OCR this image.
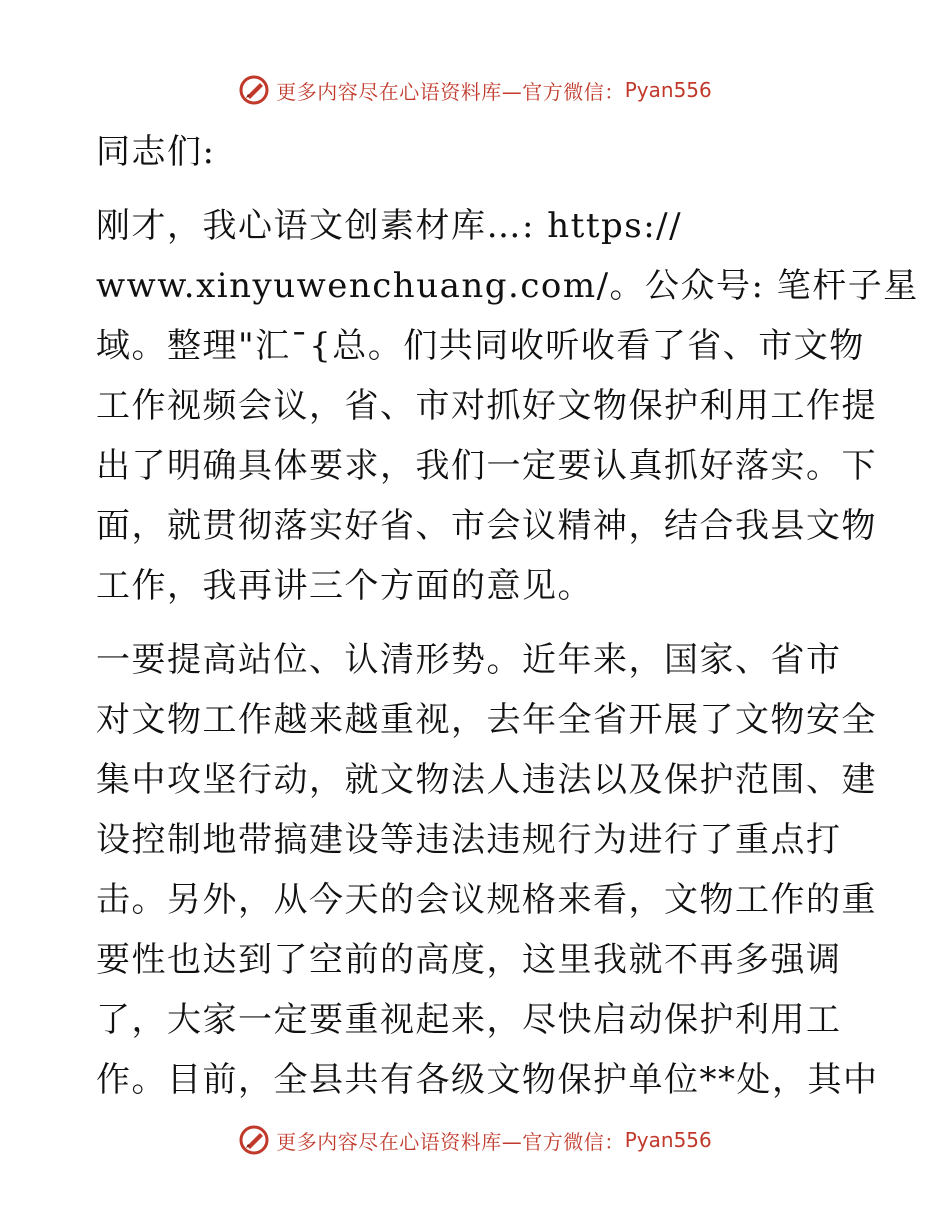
更多内容尽在心语资料库—官方微信： Pyan556
同志们:
刚才，我心语文创素材库…: https://
www.xinyuwenchuang.com/。公众号: 笔杆子星
域。整理"汇¯{总。们共同收听收看了省、市文物
工作视频会议，省、市对抓好文物保护利用工作提
出了明确具体要求，我们一定要认真抓好落实。下
面，就贯彻落实好省、市会议精神，结合我县文物
工作，我再讲三个方面的意见。
一要提高站位、认清形势。近年来，国家、省市
对文物工作越来越重视，去年全省开展了文物安全
集中攻坚行动，就文物法人违法以及保护范围、建
设控制地带搞建设等违法违规行为进行了重点打
击。另外，从今天的会议规格来看，文物工作的重
要性也达到了空前的高度，这里我就不再多强调
了，大家一定要重视起来，尽快启动保护利用工
作。目前，全县共有各级文物保护单位**处，其中
更多内容尽在心语资料库—官方微信： Pyan556
